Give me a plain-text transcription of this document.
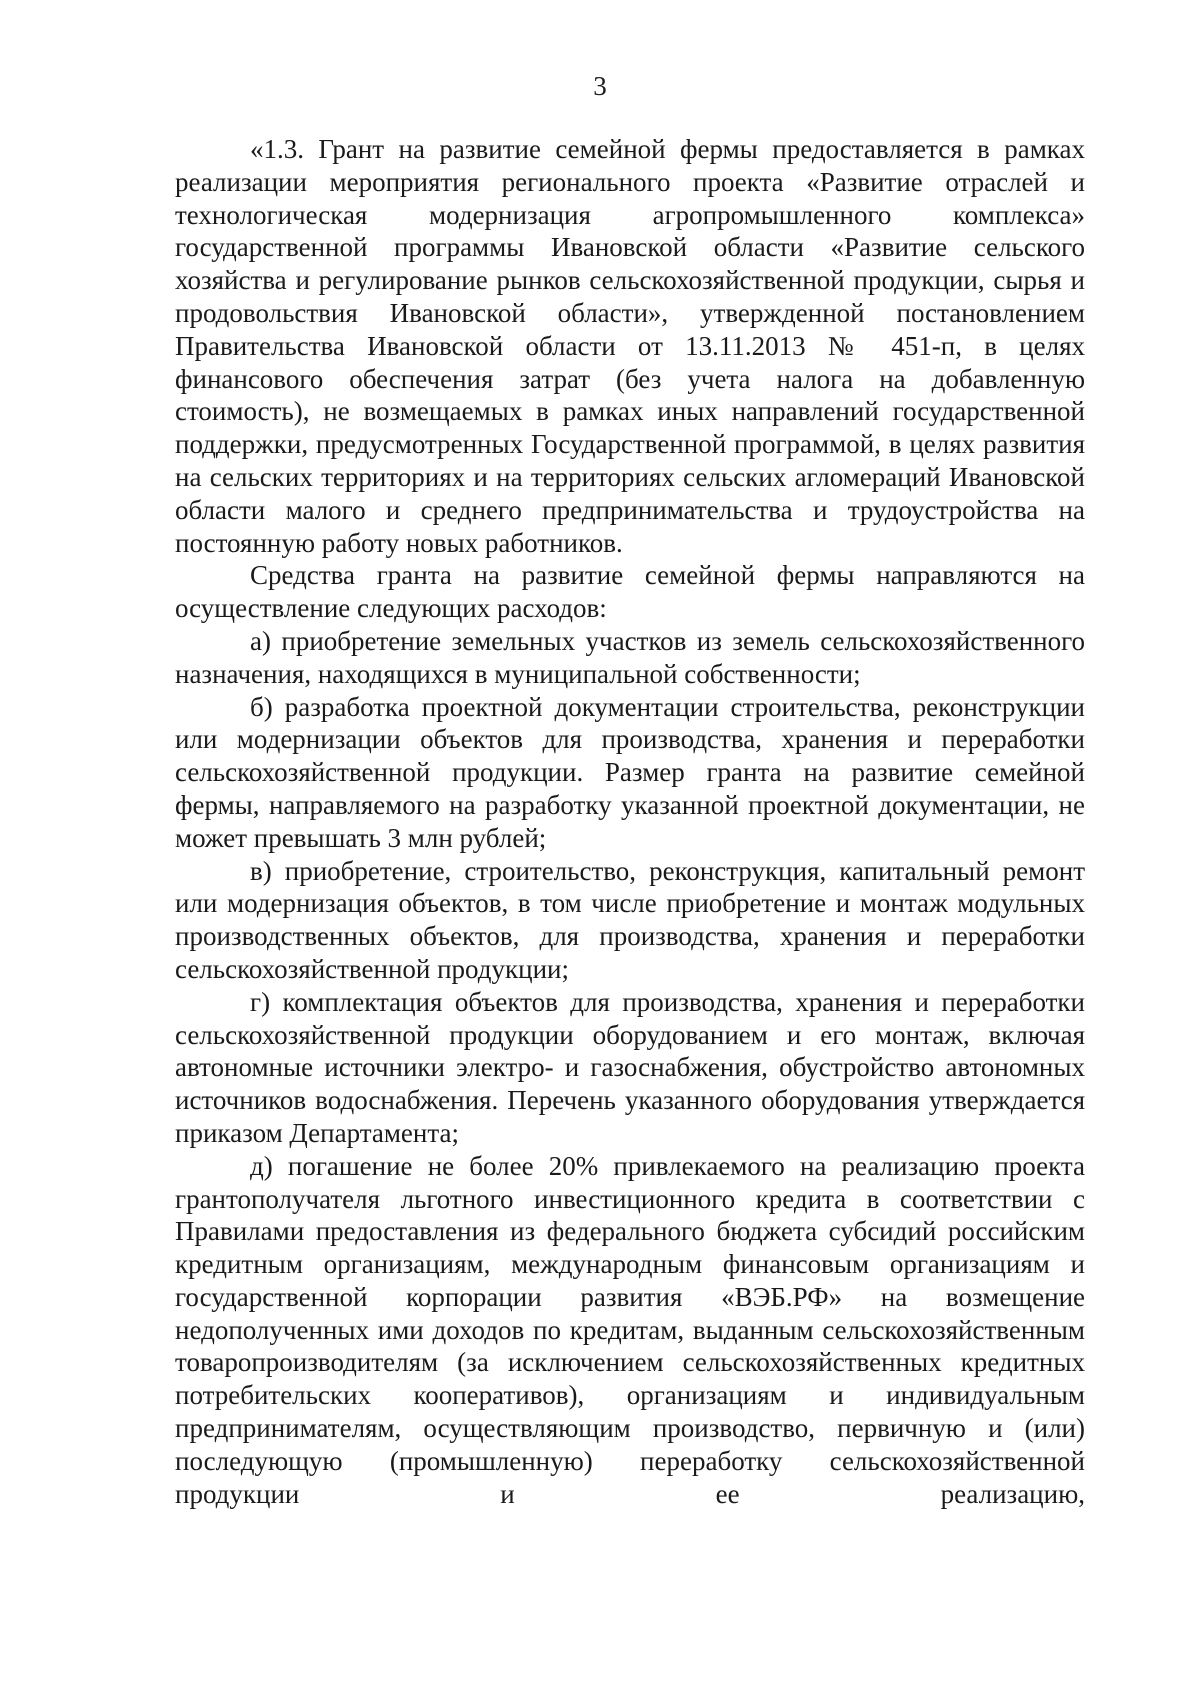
3

«1.3. Грант на развитие семейной фермы предоставляется в рамках реализации мероприятия регионального проекта «Развитие отраслей и технологическая модернизация агропромышленного комплекса» государственной программы Ивановской области «Развитие сельского хозяйства и регулирование рынков сельскохозяйственной продукции, сырья и продовольствия Ивановской области», утвержденной постановлением Правительства Ивановской области от 13.11.2013 № 451-п, в целях финансового обеспечения затрат (без учета налога на добавленную стоимость), не возмещаемых в рамках иных направлений государственной поддержки, предусмотренных Государственной программой, в целях развития на сельских территориях и на территориях сельских агломераций Ивановской области малого и среднего предпринимательства и трудоустройства на постоянную работу новых работников.

Средства гранта на развитие семейной фермы направляются на осуществление следующих расходов:

а) приобретение земельных участков из земель сельскохозяйственного назначения, находящихся в муниципальной собственности;

б) разработка проектной документации строительства, реконструкции или модернизации объектов для производства, хранения и переработки сельскохозяйственной продукции. Размер гранта на развитие семейной фермы, направляемого на разработку указанной проектной документации, не может превышать 3 млн рублей;

в) приобретение, строительство, реконструкция, капитальный ремонт или модернизация объектов, в том числе приобретение и монтаж модульных производственных объектов, для производства, хранения и переработки сельскохозяйственной продукции;

г) комплектация объектов для производства, хранения и переработки сельскохозяйственной продукции оборудованием и его монтаж, включая автономные источники электро- и газоснабжения, обустройство автономных источников водоснабжения. Перечень указанного оборудования утверждается приказом Департамента;

д) погашение не более 20% привлекаемого на реализацию проекта грантополучателя льготного инвестиционного кредита в соответствии с Правилами предоставления из федерального бюджета субсидий российским кредитным организациям, международным финансовым организациям и государственной корпорации развития «ВЭБ.РФ» на возмещение недополученных ими доходов по кредитам, выданным сельскохозяйственным товаропроизводителям (за исключением сельскохозяйственных кредитных потребительских кооперативов), организациям и индивидуальным предпринимателям, осуществляющим производство, первичную и (или) последующую (промышленную) переработку сельскохозяйственной продукции и ее реализацию,
